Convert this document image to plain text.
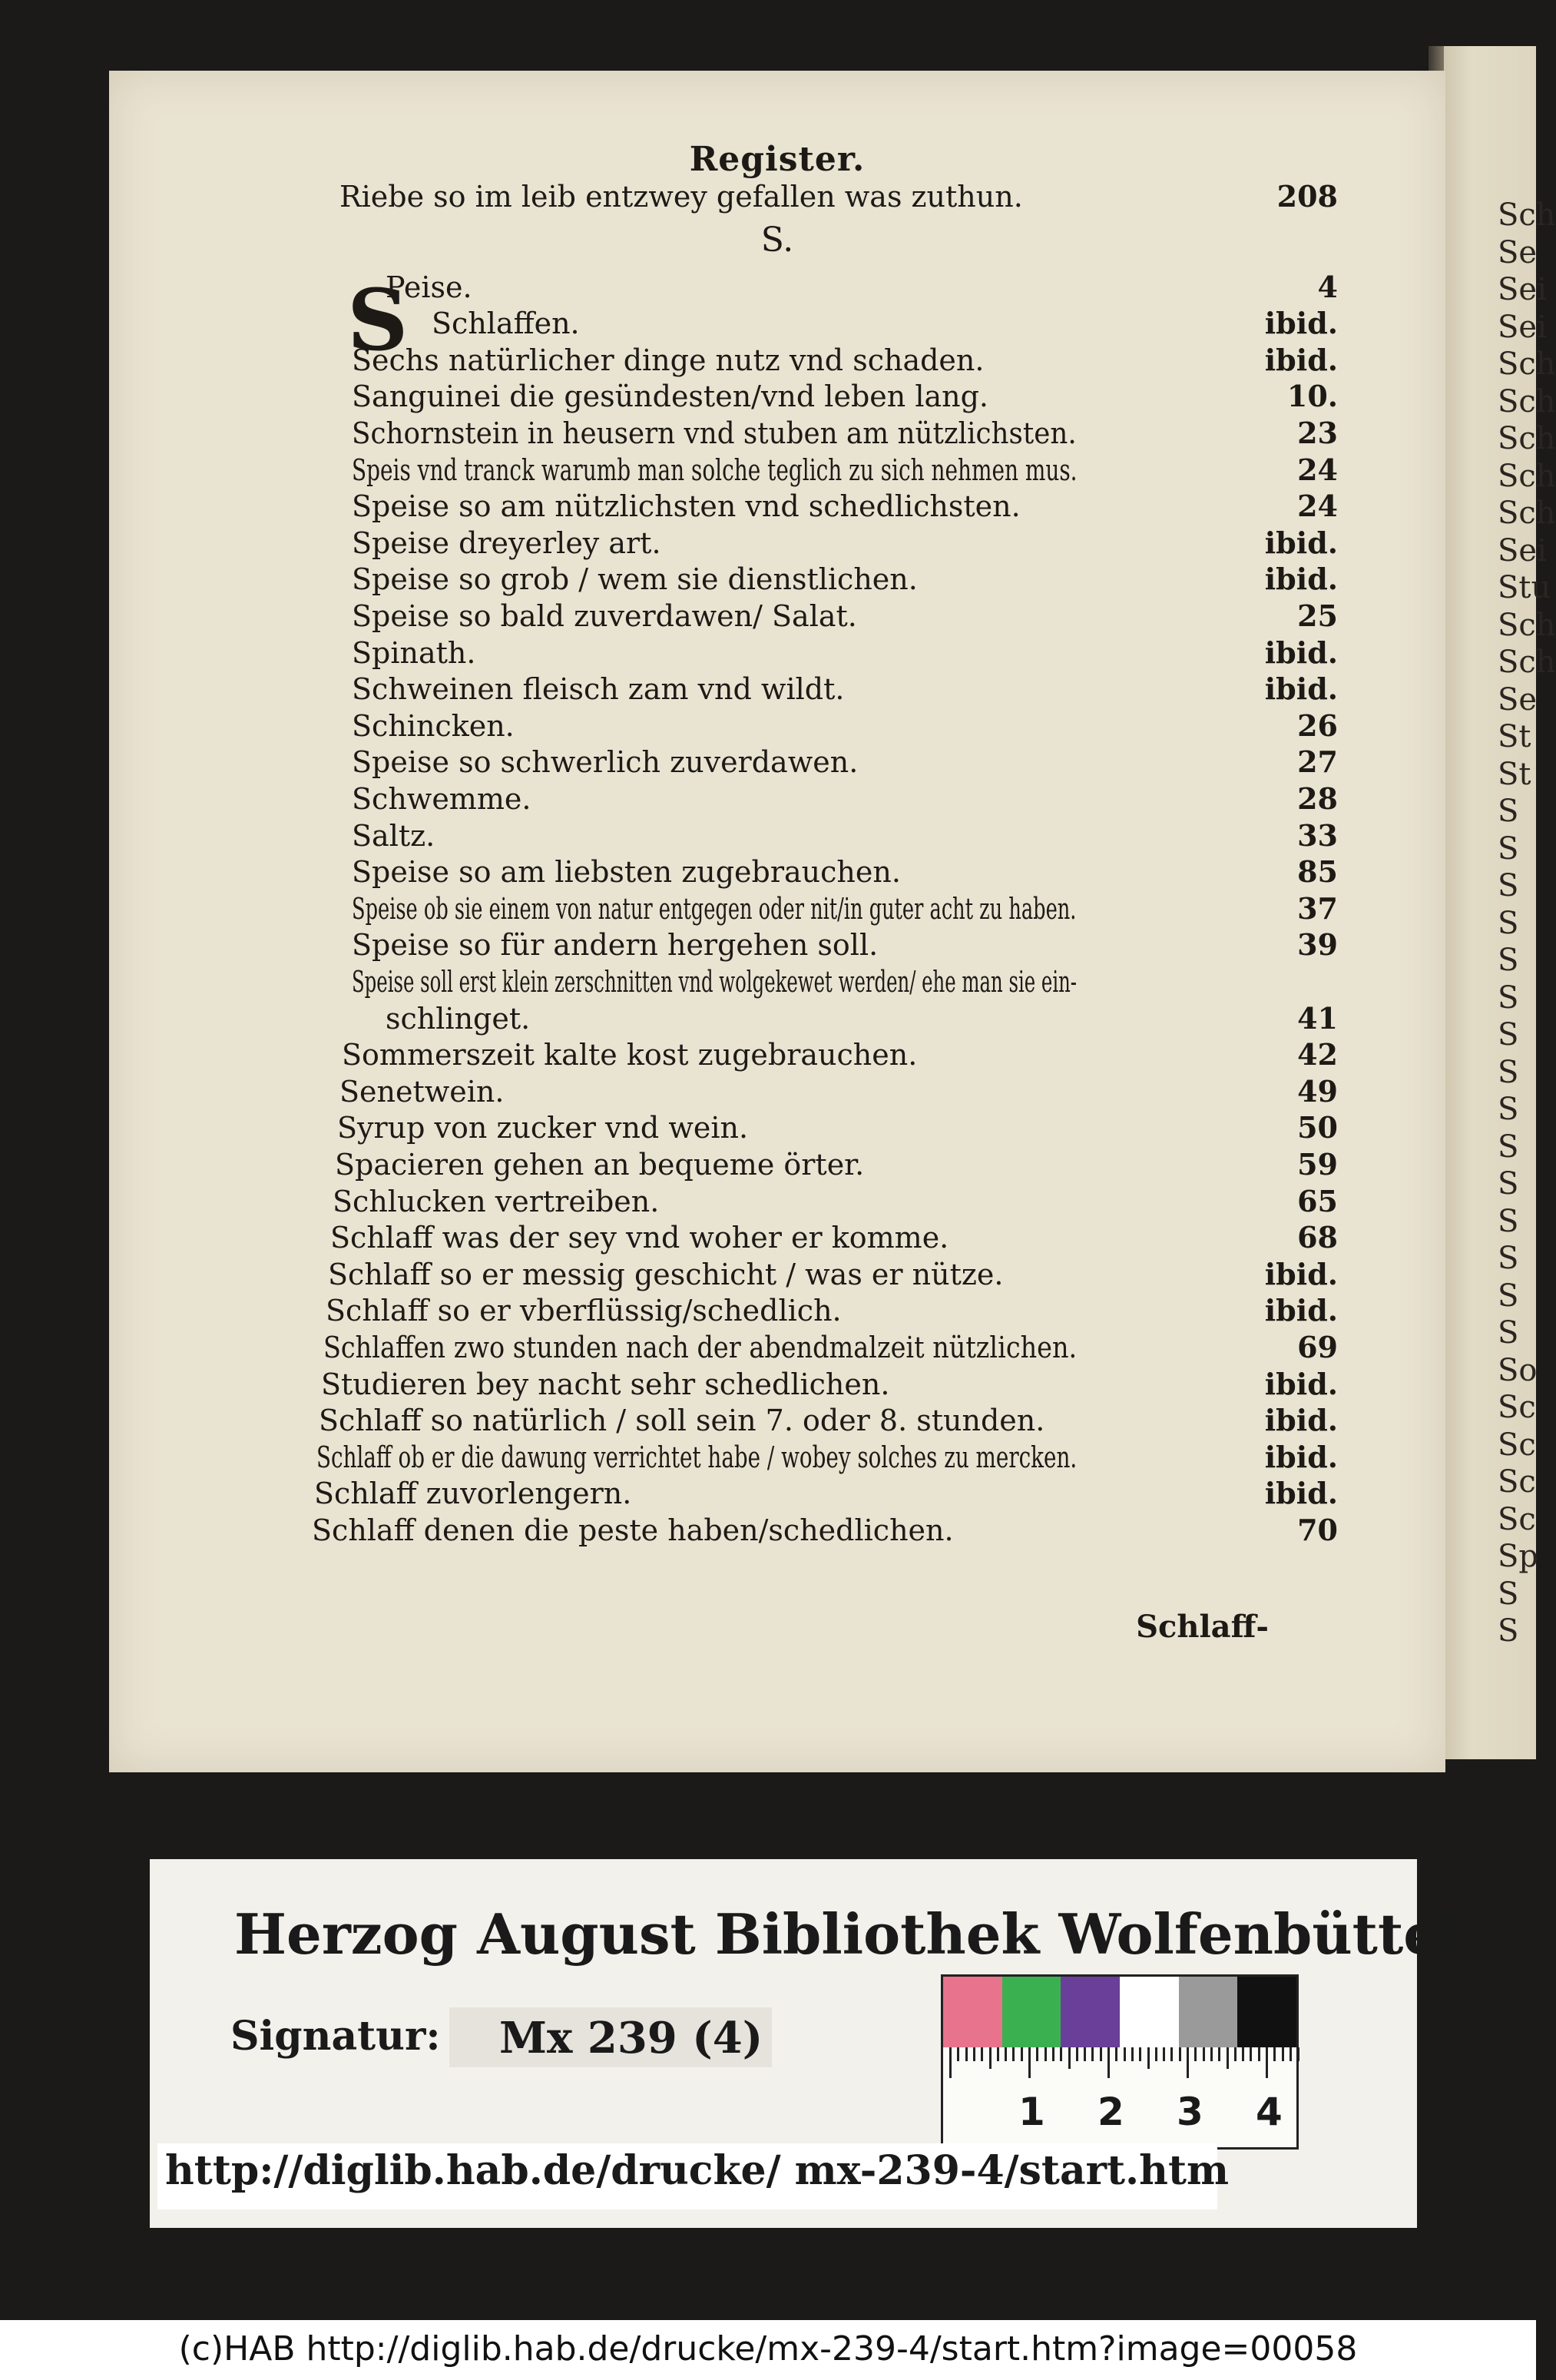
Sch
Se
Sei
Sei
Sch
Sch
Sch
Sch
Sch
Sei
Stu
Sch
Sch
Se
St
St
S
S
S
S
S
S
S
S
S
S
S
S
S
S
S
So
Sc
Sc
Sc
Sc
Sp
S
S
Register.
S.
S
Riebe so im leib entzwey gefallen was zuthun.	208
Peise.	4
Schlaffen.	ibid.
Sechs natürlicher dinge nutz vnd schaden.	ibid.
Sanguinei die gesündesten/vnd leben lang.	10.
Schornstein in heusern vnd stuben am nützlichsten.	23
Speis vnd tranck warumb man solche teglich zu sich nehmen mus.	24
Speise so am nützlichsten vnd schedlichsten.	24
Speise dreyerley art.	ibid.
Speise so grob / wem sie dienstlichen.	ibid.
Speise so bald zuverdawen/ Salat.	25
Spinath.	ibid.
Schweinen fleisch zam vnd wildt.	ibid.
Schincken.	26
Speise so schwerlich zuverdawen.	27
Schwemme.	28
Saltz.	33
Speise so am liebsten zugebrauchen.	85
Speise ob sie einem von natur entgegen oder nit/in guter acht zu haben.	37
Speise so für andern hergehen soll.	39
Speise soll erst klein zerschnitten vnd wolgekewet werden/ ehe man sie ein-
schlinget.	41
Sommerszeit kalte kost zugebrauchen.	42
Senetwein.	49
Syrup von zucker vnd wein.	50
Spacieren gehen an bequeme örter.	59
Schlucken vertreiben.	65
Schlaff was der sey vnd woher er komme.	68
Schlaff so er messig geschicht / was er nütze.	ibid.
Schlaff so er vberflüssig/schedlich.	ibid.
Schlaffen zwo stunden nach der abendmalzeit nützlichen.	69
Studieren bey nacht sehr schedlichen.	ibid.
Schlaff so natürlich / soll sein 7. oder 8. stunden.	ibid.
Schlaff ob er die dawung verrichtet habe / wobey solches zu mercken.	ibid.
Schlaff zuvorlengern.	ibid.
Schlaff denen die peste haben/schedlichen.	70
Schlaff-
Herzog August Bibliothek Wolfenbüttel
Signatur: Mx 239 (4)
1 2 3 4
http://diglib.hab.de/drucke/ mx-239-4/start.htm
(c)HAB http://diglib.hab.de/drucke/mx-239-4/start.htm?image=00058
